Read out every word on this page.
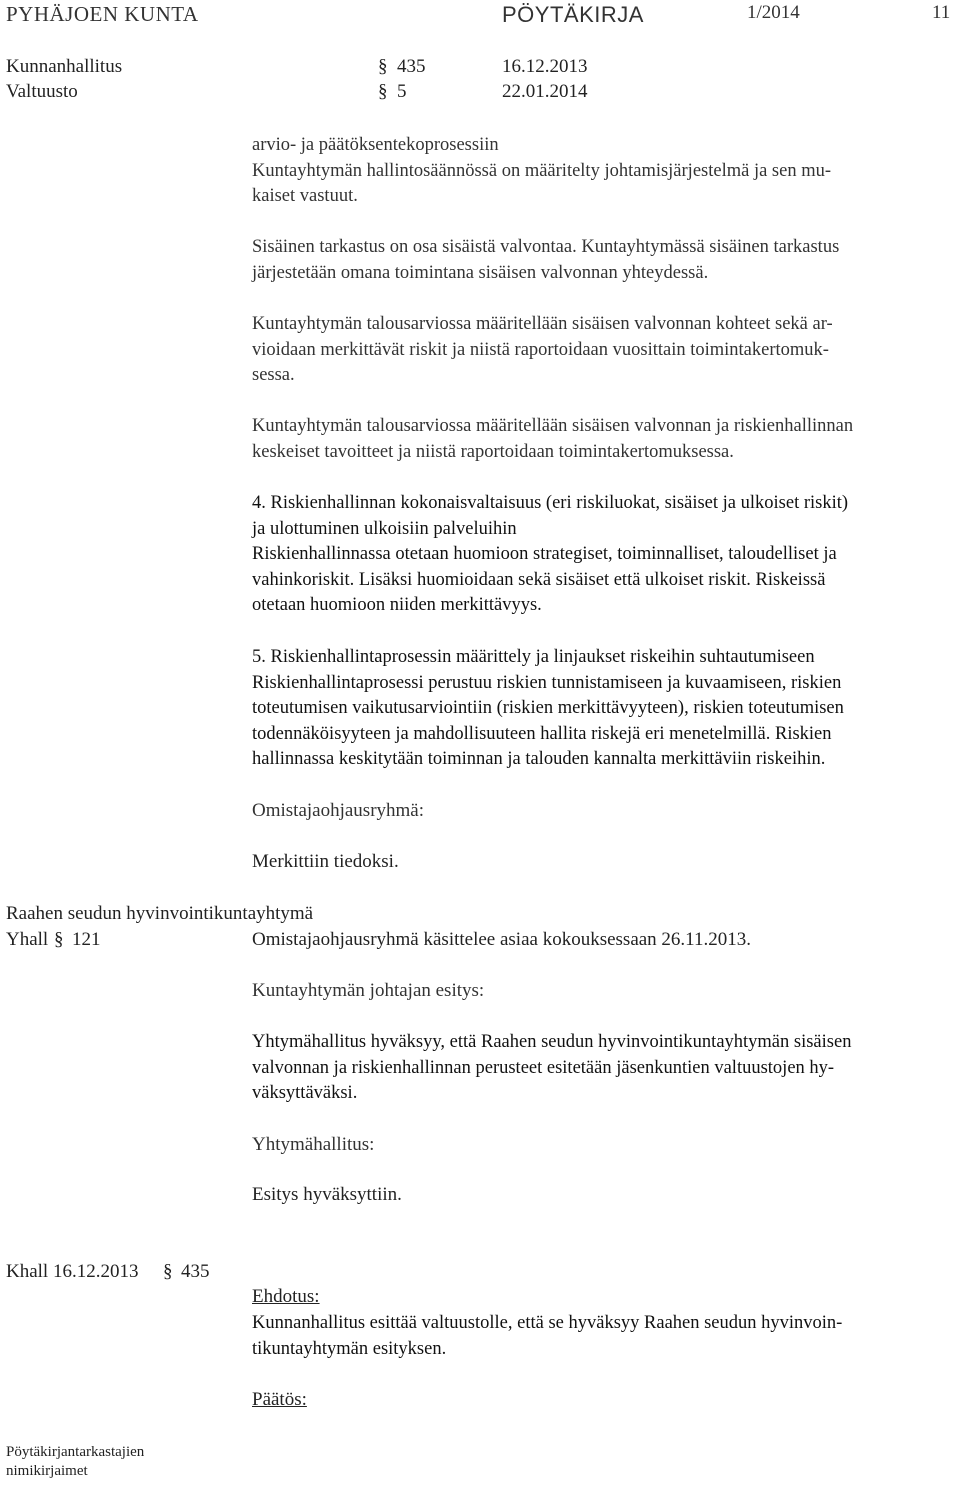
PYHÄJOEN KUNTA	PÖYTÄKIRJA	1/2014	11
Kunnanhallitus	§ 435	16.12.2013
Valtuusto	§ 5	22.01.2014

arvio- ja päätöksentekoprosessiin
Kuntayhtymän hallintosäännössä on määritelty johtamisjärjestelmä ja sen mu-
kaiset vastuut.

Sisäinen tarkastus on osa sisäistä valvontaa. Kuntayhtymässä sisäinen tarkastus
järjestetään omana toimintana sisäisen valvonnan yhteydessä.

Kuntayhtymän talousarviossa määritellään sisäisen valvonnan kohteet sekä ar-
vioidaan merkittävät riskit ja niistä raportoidaan vuosittain toimintakertomuk-
sessa.

Kuntayhtymän talousarviossa määritellään sisäisen valvonnan ja riskienhallinnan
keskeiset tavoitteet ja niistä raportoidaan toimintakertomuksessa.

4. Riskienhallinnan kokonaisvaltaisuus (eri riskiluokat, sisäiset ja ulkoiset riskit)
ja ulottuminen ulkoisiin palveluihin
Riskienhallinnassa otetaan huomioon strategiset, toiminnalliset, taloudelliset ja
vahinkoriskit. Lisäksi huomioidaan sekä sisäiset että ulkoiset riskit. Riskeissä
otetaan huomioon niiden merkittävyys.

5. Riskienhallintaprosessin määrittely ja linjaukset riskeihin suhtautumiseen
Riskienhallintaprosessi perustuu riskien tunnistamiseen ja kuvaamiseen, riskien
toteutumisen vaikutusarviointiin (riskien merkittävyyteen), riskien toteutumisen
todennäköisyyteen ja mahdollisuuteen hallita riskejä eri menetelmillä. Riskien
hallinnassa keskitytään toiminnan ja talouden kannalta merkittäviin riskeihin.

Omistajaohjausryhmä:
Merkittiin tiedoksi.
Raahen seudun hyvinvointikuntayhtymä
Yhall § 121	Omistajaohjausryhmä käsittelee asiaa kokouksessaan 26.11.2013.
Kuntayhtymän johtajan esitys:

Yhtymähallitus hyväksyy, että Raahen seudun hyvinvointikuntayhtymän sisäisen
valvonnan ja riskienhallinnan perusteet esitetään jäsenkuntien valtuustojen hy-
väksyttäväksi.

Yhtymähallitus:
Esitys hyväksyttiin.
Khall 16.12.2013 § 435
Ehdotus:

Kunnanhallitus esittää valtuustolle, että se hyväksyy Raahen seudun hyvinvoin-
tikuntayhtymän esityksen.

Päätös:
Pöytäkirjantarkastajien
nimikirjaimet
